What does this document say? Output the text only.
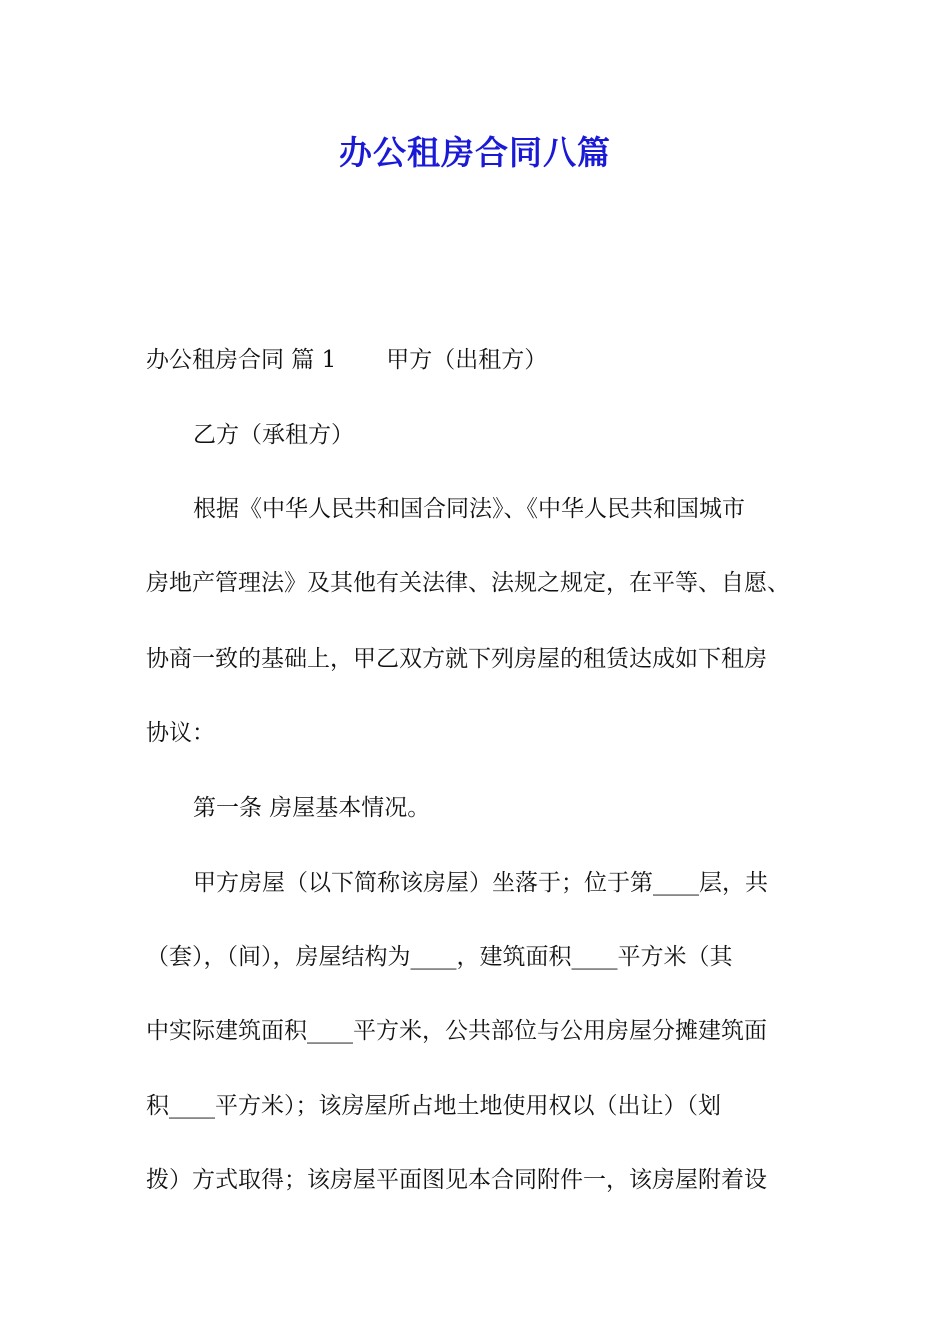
办公租房合同八篇
办公租房合同 篇 1 甲方（出租方）
乙方（承租方）
根据《中华人民共和国合同法》、《中华人民共和国城市
房地产管理法》及其他有关法律、法规之规定，在平等、自愿、
协商一致的基础上，甲乙双方就下列房屋的租赁达成如下租房
协议：
第一条 房屋基本情况。
甲方房屋（以下简称该房屋）坐落于；位于第____层，共
（套），（间），房屋结构为____，建筑面积____平方米（其
中实际建筑面积____平方米，公共部位与公用房屋分摊建筑面
积____平方米）；该房屋所占地土地使用权以（出让）（划
拨）方式取得；该房屋平面图见本合同附件一，该房屋附着设
